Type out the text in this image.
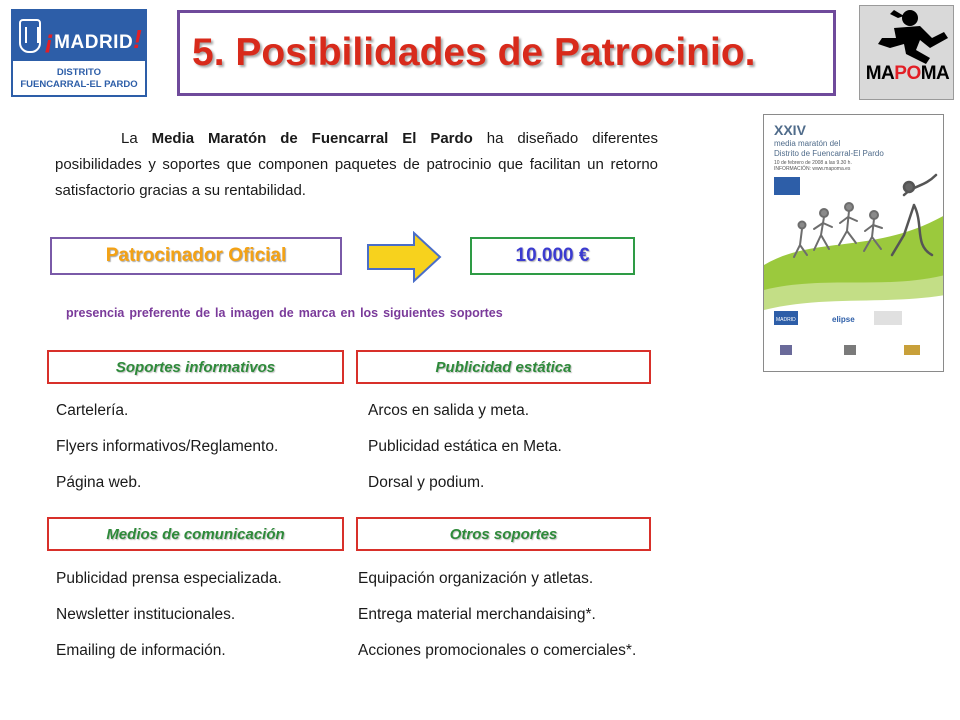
¡MADRID!
DISTRITO
FUENCARRAL-EL PARDO
5. Posibilidades de Patrocinio.	MAPOMA

La Media Maratón de Fuencarral El Pardo ha diseñado diferentes posibilidades y soportes que componen paquetes de patrocinio que facilitan un retorno satisfactorio gracias a su rentabilidad.

XXIV
media maratón del
Distrito de Fuencarral-El Pardo
10 de febrero de 2008 a las 9.30 h.
INFORMACIÓN: www.mapoma.es
MADRID	elipse
Patrocinador Oficial	10.000 €
presencia preferente de la imagen de marca en los siguientes soportes
Soportes informativos	Publicidad estática
Cartelería.
Flyers informativos/Reglamento.
Página web.
Arcos en salida y meta.
Publicidad estática en Meta.
Dorsal y podium.
Medios de comunicación	Otros soportes
Publicidad prensa especializada.
Newsletter institucionales.
Emailing de información.
Equipación organización y atletas.
Entrega material merchandaising*.
Acciones promocionales o comerciales*.
